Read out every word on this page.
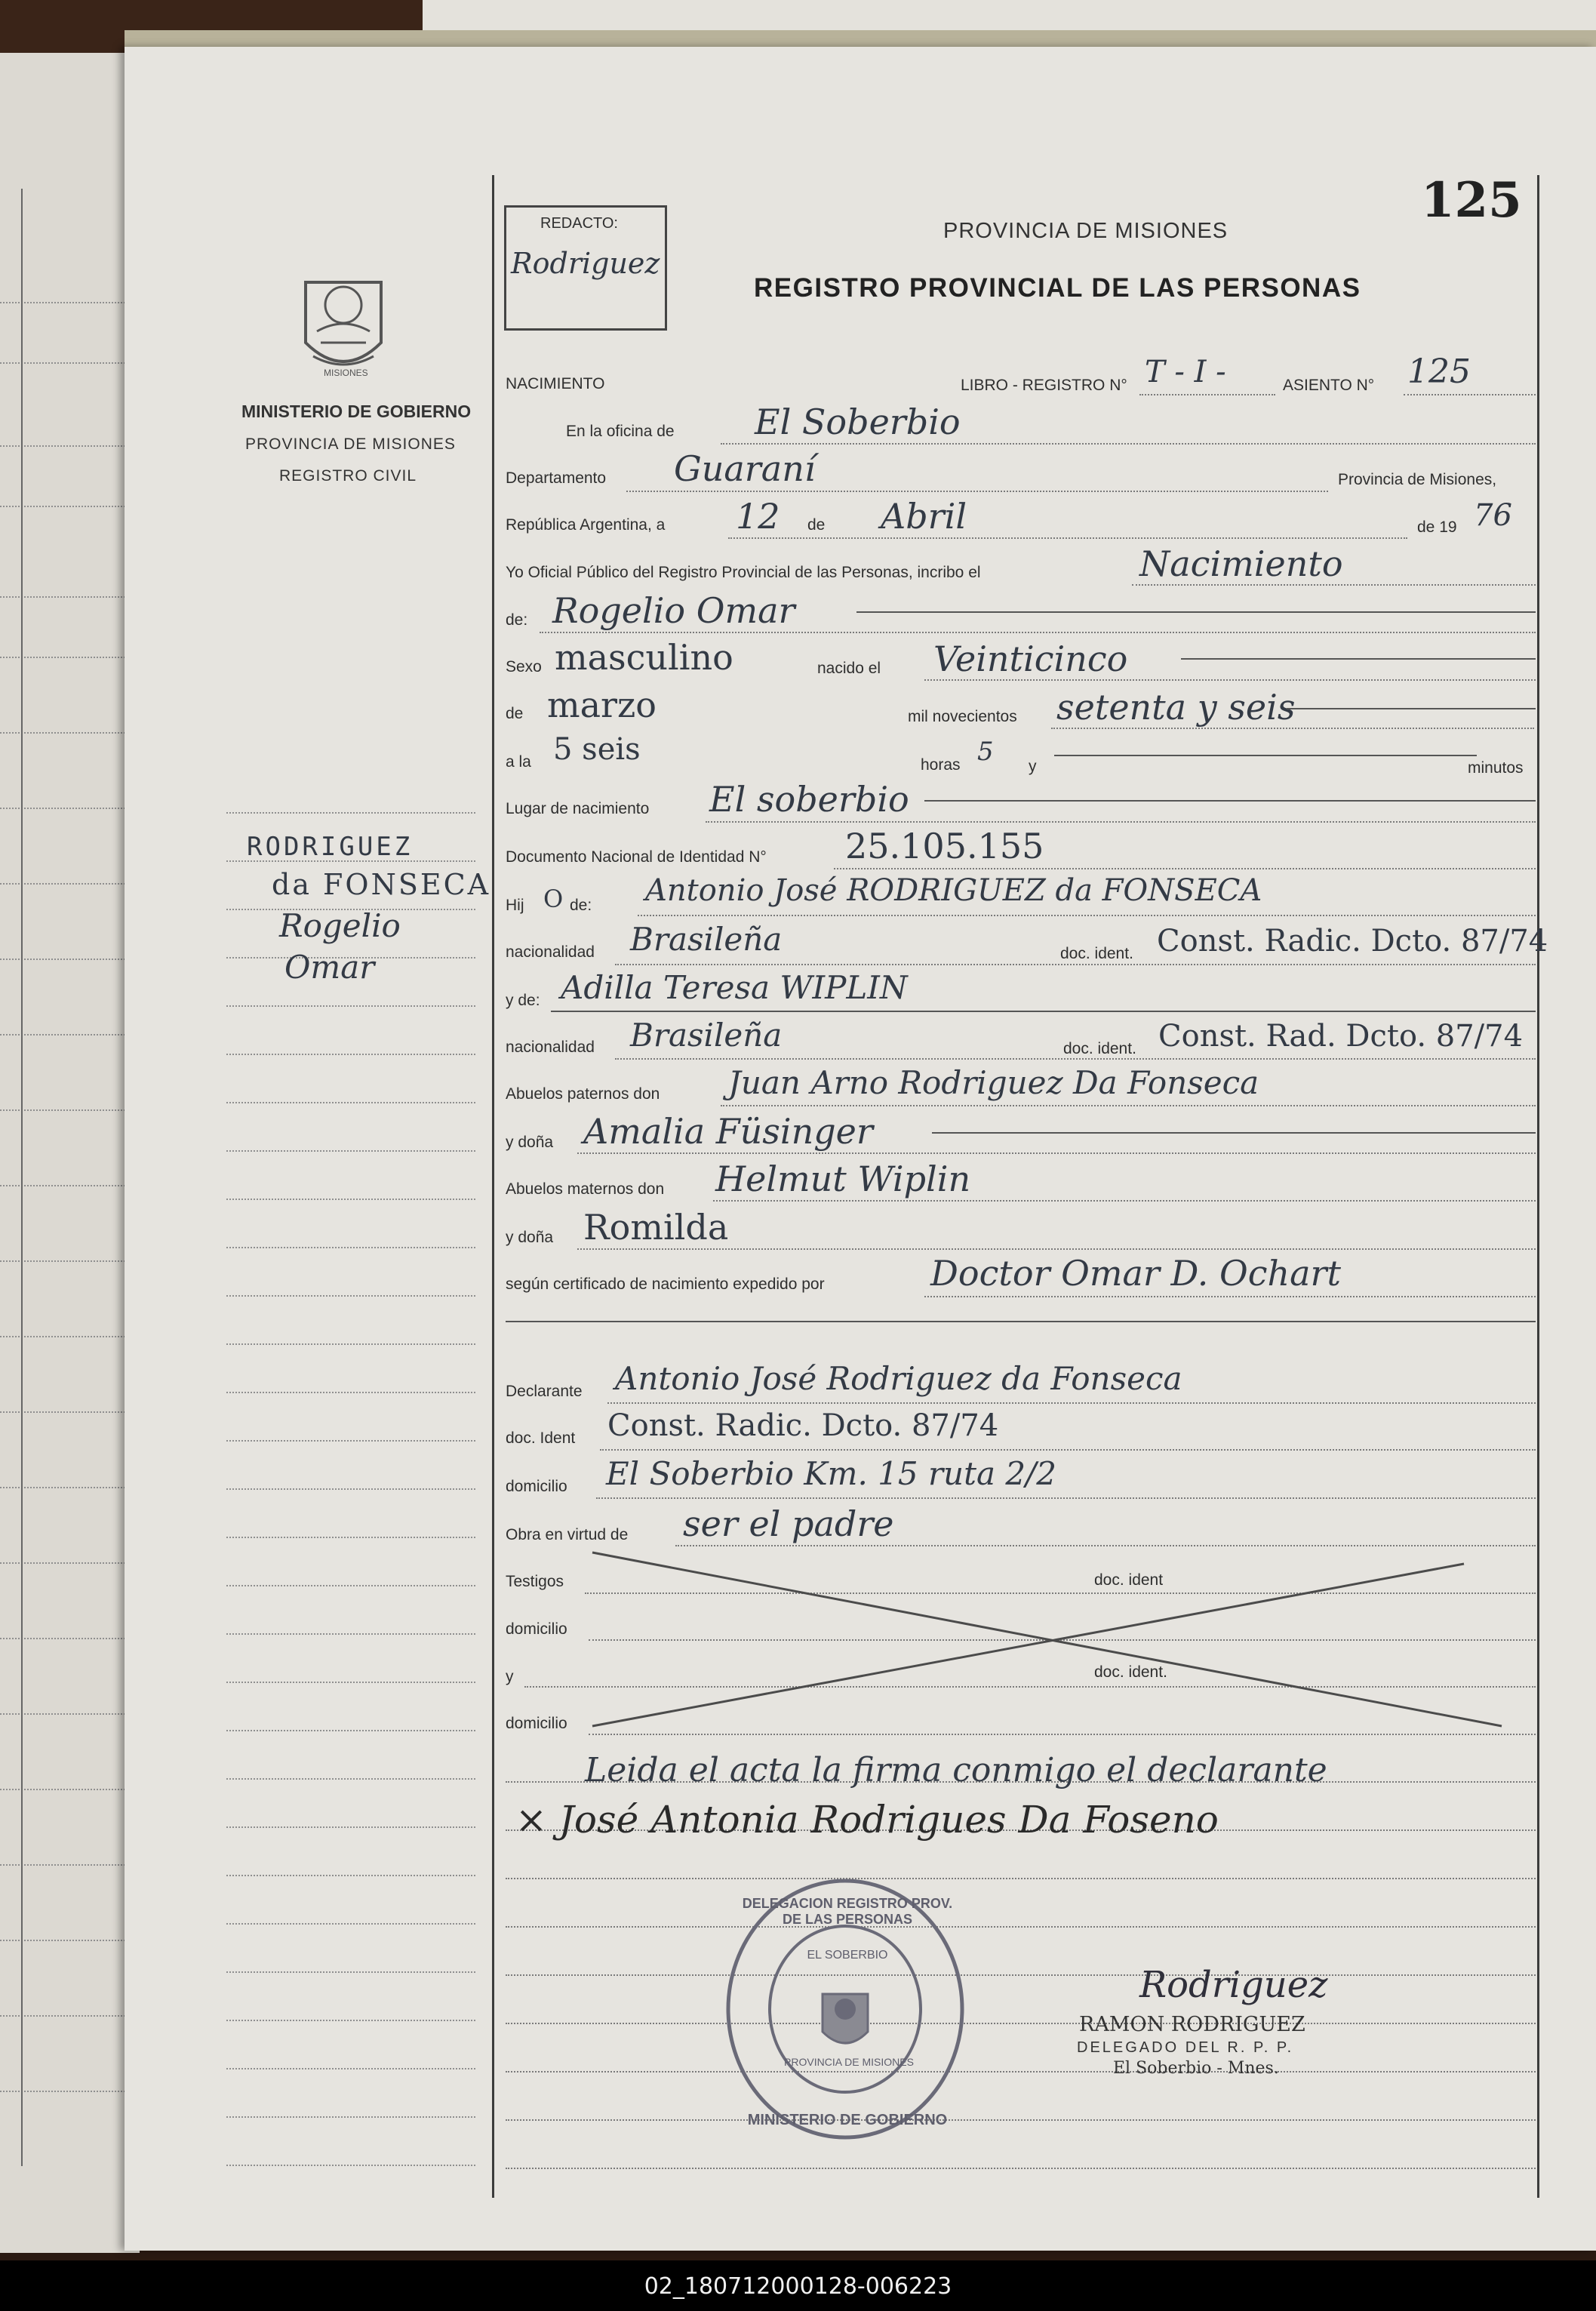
125
REDACTO:
Rodriguez
PROVINCIA DE MISIONES
REGISTRO PROVINCIAL DE LAS PERSONAS
MISIONES
MINISTERIO DE GOBIERNO
PROVINCIA DE MISIONES
REGISTRO CIVIL
RODRIGUEZ
da FONSECA
Rogelio
Omar
NACIMIENTO	LIBRO - REGISTRO N° T - I -	ASIENTO N° 125
En la oficina de El Soberbio
Departamento Guaraní	Provincia de Misiones,
República Argentina, a 12 de Abril	de 19 76
Yo Oficial Público del Registro Provincial de las Personas, incribo el	Nacimiento
de: Rogelio Omar
Sexo masculino	nacido el Veinticinco
de marzo	mil novecientos setenta y seis
a la 5 seis	horas 5 y	minutos
Lugar de nacimiento El soberbio
Documento Nacional de Identidad N° 25.105.155
Hij O de: Antonio José RODRIGUEZ da FONSECA
nacionalidad Brasileña	doc. ident. Const. Radic. Dcto. 87/74
y de: Adilla Teresa WIPLIN
nacionalidad Brasileña	doc. ident. Const. Rad. Dcto. 87/74
Abuelos paternos don Juan Arno Rodriguez Da Fonseca
y doña Amalia Füsinger
Abuelos maternos don Helmut Wiplin
y doña Romilda
según certificado de nacimiento expedido por	Doctor Omar D. Ochart
Declarante Antonio José Rodriguez da Fonseca
doc. Ident Const. Radic. Dcto. 87/74
domicilio El Soberbio Km. 15 ruta 2/2
Obra en virtud de ser el padre
Testigos	doc. ident
domicilio
y	doc. ident.
domicilio
Leida el acta la firma conmigo el declarante
× José Antonia Rodrigues Da Foseno
DELEGACION REGISTRO PROV. DE LAS PERSONAS
EL SOBERBIO
PROVINCIA DE MISIONES
MINISTERIO DE GOBIERNO
Rodriguez
RAMON RODRIGUEZ
DELEGADO DEL R. P. P.
El Soberbio - Mnes.
02_180712000128-006223
